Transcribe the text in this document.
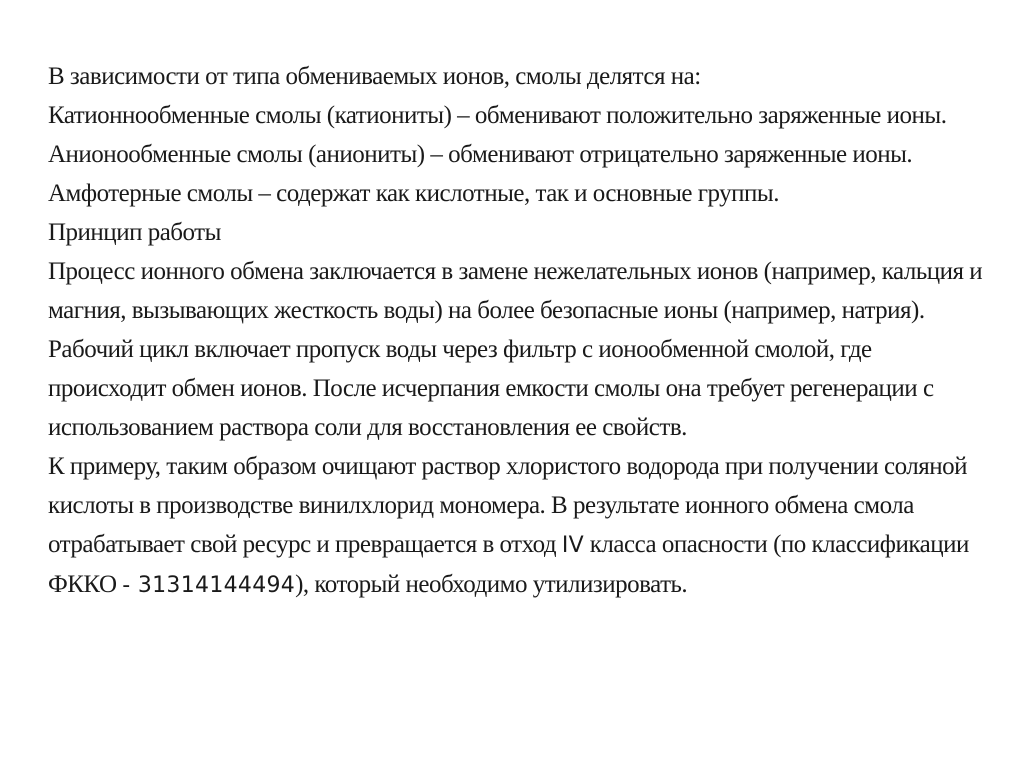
В зависимости от типа обмениваемых ионов, смолы делятся на:

Катионнообменные смолы (катиониты) – обменивают положительно заряженные ионы.

Анионообменные смолы (аниониты) – обменивают отрицательно заряженные ионы.

Амфотерные смолы – содержат как кислотные, так и основные группы.

Принцип работы

Процесс ионного обмена заключается в замене нежелательных ионов (например, кальция и магния, вызывающих жесткость воды) на более безопасные ионы (например, натрия). Рабочий цикл включает пропуск воды через фильтр с ионообменной смолой, где происходит обмен ионов. После исчерпания емкости смолы она требует регенерации с использованием раствора соли для восстановления ее свойств.

К примеру, таким образом очищают раствор хлористого водорода при получении соляной кислоты в производстве винилхлорид мономера. В результате ионного обмена смола отрабатывает свой ресурс и превращается в отход IV класса опасности (по классификации ФККО - 31314144494), который необходимо утилизировать.
